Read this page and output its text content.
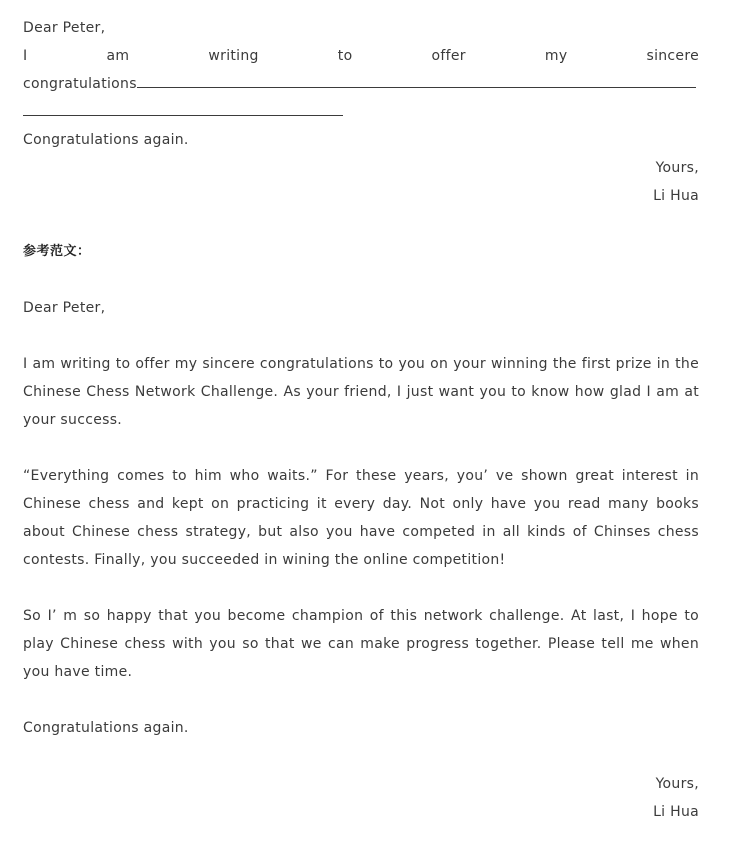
Dear Peter,
I	am	writing	to	offer	my	sincere
congratulations
Congratulations again.
Yours,
Li Hua
参考范文：
Dear Peter,
I am writing to offer my sincere congratulations to you on your winning the first prize in the Chinese Chess Network Challenge. As your friend, I just want you to know how glad I am at your success.
“Everything comes to him who waits.” For these years, you’ ve shown great interest in Chinese chess and kept on practicing it every day. Not only have you read many books about Chinese chess strategy, but also you have competed in all kinds of Chinses chess contests. Finally, you succeeded in wining the online competition!
So I’ m so happy that you become champion of this network challenge. At last, I hope to play Chinese chess with you so that we can make progress together. Please tell me when you have time.
Congratulations again.
Yours,
Li Hua
